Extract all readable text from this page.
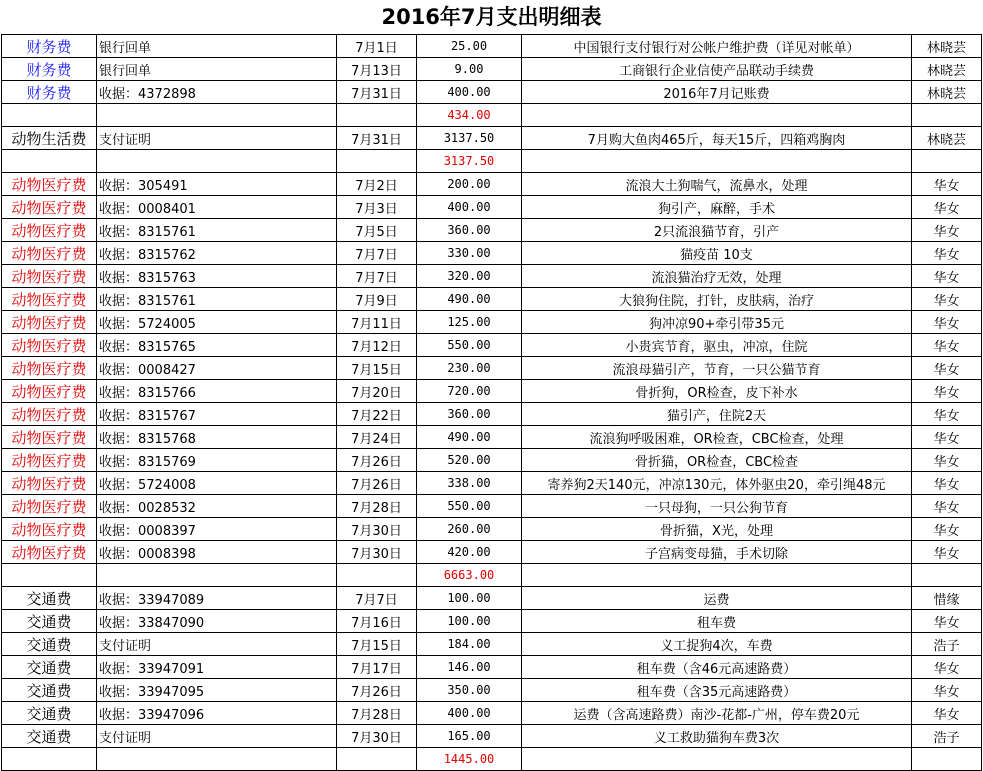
2016年7月支出明细表
财务费	银行回单	7月1日	25.00	中国银行支付银行对公帐户维护费（详见对帐单）	林晓芸
财务费	银行回单	7月13日	9.00	工商银行企业信使产品联动手续费	林晓芸
财务费	收据：4372898	7月31日	400.00	2016年7月记账费	林晓芸
			434.00		
动物生活费	支付证明	7月31日	3137.50	7月购大鱼肉465斤，每天15斤，四箱鸡胸肉	林晓芸
			3137.50		
动物医疗费	收据：305491	7月2日	200.00	流浪大土狗喘气，流鼻水，处理	华女
动物医疗费	收据：0008401	7月3日	400.00	狗引产，麻醉，手术	华女
动物医疗费	收据：8315761	7月5日	360.00	2只流浪猫节育，引产	华女
动物医疗费	收据：8315762	7月7日	330.00	猫疫苗 10支	华女
动物医疗费	收据：8315763	7月7日	320.00	流浪猫治疗无效，处理	华女
动物医疗费	收据：8315761	7月9日	490.00	大狼狗住院，打针，皮肤病，治疗	华女
动物医疗费	收据：5724005	7月11日	125.00	狗冲凉90+牵引带35元	华女
动物医疗费	收据：8315765	7月12日	550.00	小贵宾节育，驱虫，冲凉，住院	华女
动物医疗费	收据：0008427	7月15日	230.00	流浪母猫引产，节育，一只公猫节育	华女
动物医疗费	收据：8315766	7月20日	720.00	骨折狗，OR检查，皮下补水	华女
动物医疗费	收据：8315767	7月22日	360.00	猫引产，住院2天	华女
动物医疗费	收据：8315768	7月24日	490.00	流浪狗呼吸困难，OR检查，CBC检查，处理	华女
动物医疗费	收据：8315769	7月26日	520.00	骨折猫，OR检查，CBC检查	华女
动物医疗费	收据：5724008	7月26日	338.00	寄养狗2天140元，冲凉130元，体外驱虫20，牵引绳48元	华女
动物医疗费	收据：0028532	7月28日	550.00	一只母狗，一只公狗节育	华女
动物医疗费	收据：0008397	7月30日	260.00	骨折猫，X光，处理	华女
动物医疗费	收据：0008398	7月30日	420.00	子宫病变母猫，手术切除	华女
			6663.00		
交通费	收据：33947089	7月7日	100.00	运费	惜缘
交通费	收据：33847090	7月16日	100.00	租车费	华女
交通费	支付证明	7月15日	184.00	义工捉狗4次，车费	浩子
交通费	收据：33947091	7月17日	146.00	租车费（含46元高速路费）	华女
交通费	收据：33947095	7月26日	350.00	租车费（含35元高速路费）	华女
交通费	收据：33947096	7月28日	400.00	运费（含高速路费）南沙-花都-广州，停车费20元	华女
交通费	支付证明	7月30日	165.00	义工救助猫狗车费3次	浩子
			1445.00		
